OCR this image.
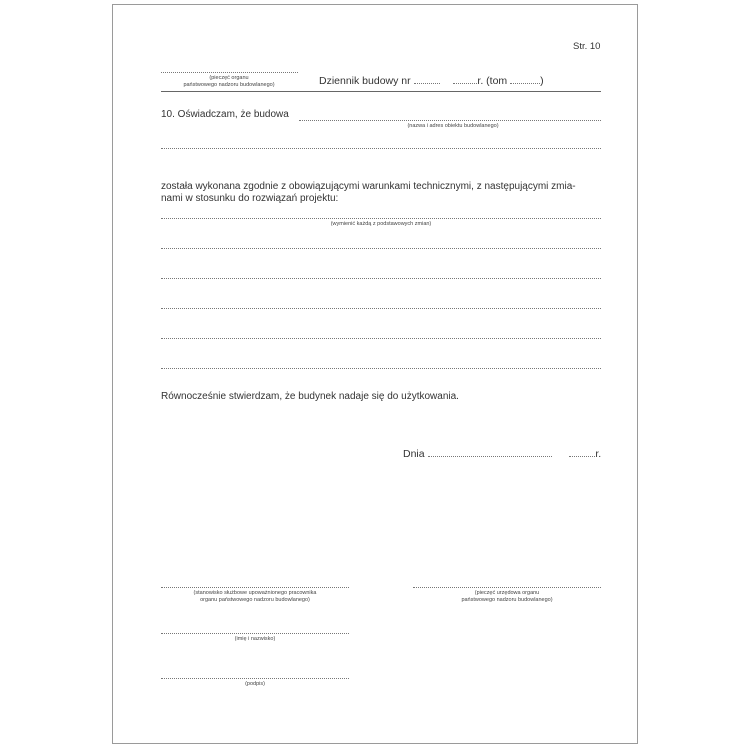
Str. 10
(pieczęć organu
państwowego nadzoru budowlanego)	Dziennik budowy nr	r. (tom	)
10. Oświadczam, że budowa
(nazwa i adres obiektu budowlanego)
została wykonana zgodnie z obowiązującymi warunkami technicznymi, z następującymi zmia-
nami w stosunku do rozwiązań projektu:
(wymienić każdą z podstawowych zmian)
Równocześnie stwierdzam, że budynek nadaje się do użytkowania.
Dnia	r.
(stanowisko służbowe upoważnionego pracownika
organu państwowego nadzoru budowlanego)
(imię i nazwisko)
(podpis)
(pieczęć urzędowa organu
państwowego nadzoru budowlanego)
